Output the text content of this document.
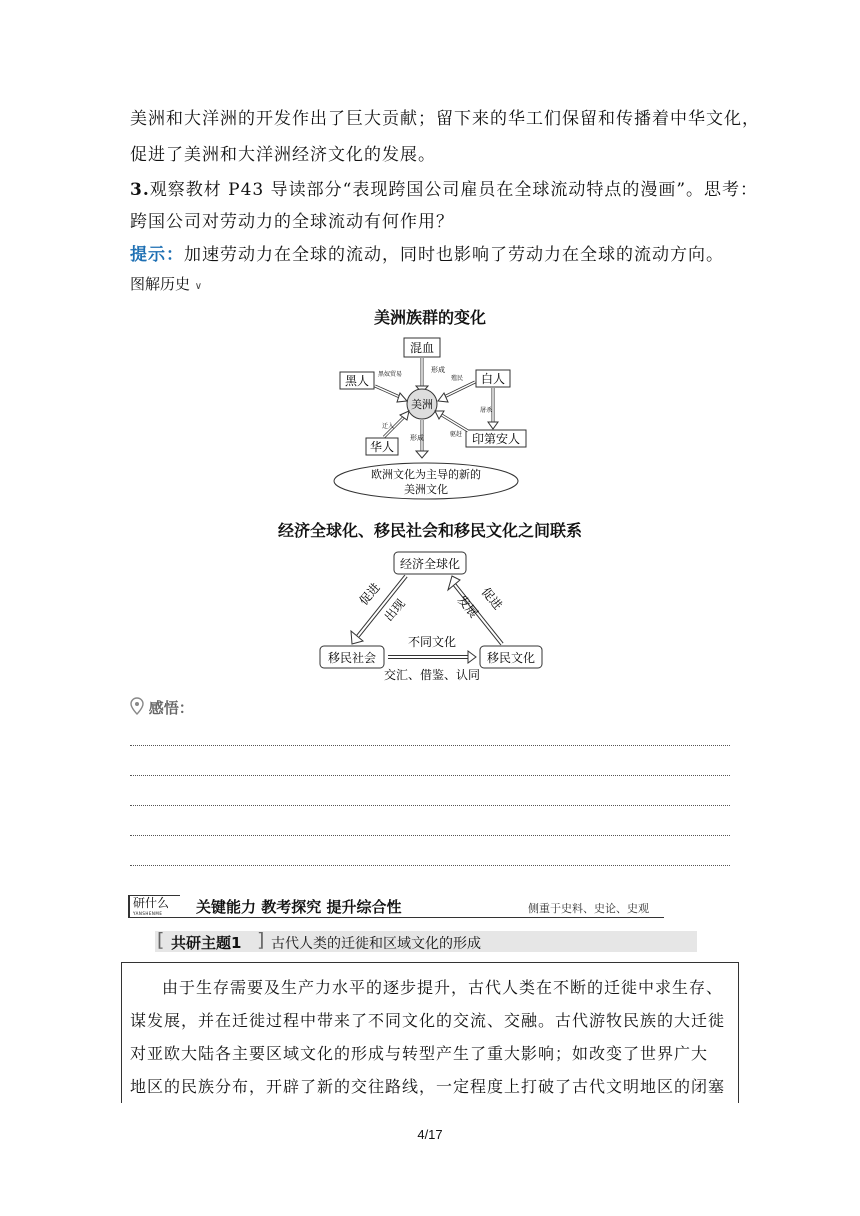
美洲和大洋洲的开发作出了巨大贡献；留下来的华工们保留和传播着中华文化，
促进了美洲和大洋洲经济文化的发展。
3.观察教材 P43 导读部分“表现跨国公司雇员在全球流动特点的漫画”。思考：
跨国公司对劳动力的全球流动有何作用？
提示：加速劳动力在全球的流动，同时也影响了劳动力在全球的流动方向。
图解历史 ∨
美洲族群的变化
混血
形成
美洲
黑人 黑奴贸易	白人
殖民
屠杀
印第安人
驱赶
华人
迁入
形成
欧洲文化为主导的新的
美洲文化
经济全球化、移民社会和移民文化之间联系
经济全球化
移民社会	移民文化
促进
出现	发展
促进
不同文化
交汇、借鉴、认同
感悟：
研什么
YANSHENME	关键能力 教考探究 提升综合性	侧重于史料、史论、史观
[ 共研主题1 ] 古代人类的迁徙和区域文化的形成
由于生存需要及生产力水平的逐步提升，古代人类在不断的迁徙中求生存、
谋发展，并在迁徙过程中带来了不同文化的交流、交融。古代游牧民族的大迁徙
对亚欧大陆各主要区域文化的形成与转型产生了重大影响；如改变了世界广大
地区的民族分布，开辟了新的交往路线，一定程度上打破了古代文明地区的闭塞
4/17
